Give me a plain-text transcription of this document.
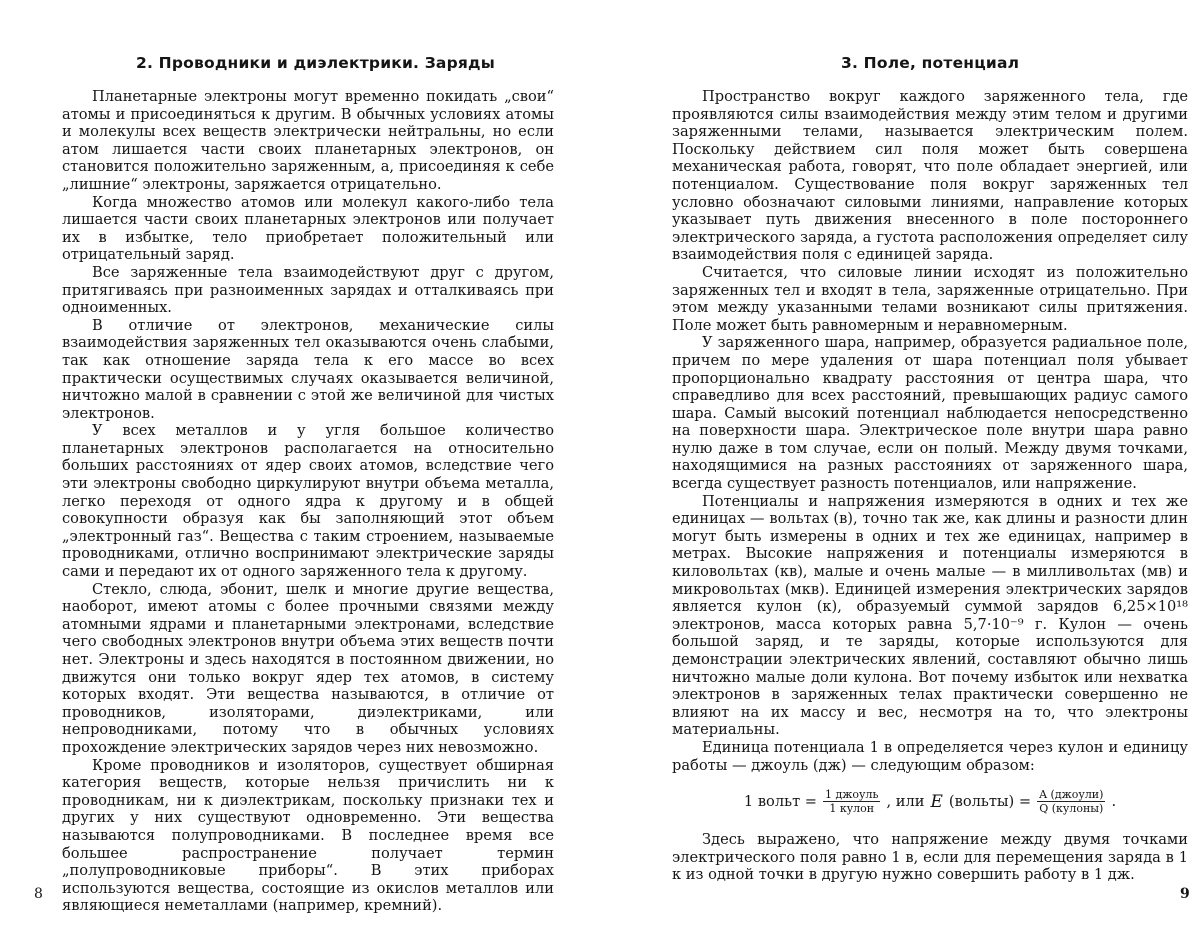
2. Проводники и диэлектрики. Заряды

Планетарные электроны могут временно покидать „свои“ атомы и присоединяться к другим. В обычных условиях атомы и молекулы всех веществ электрически нейтральны, но если атом лишается части своих планетарных электронов, он становится положительно заряженным, а, присоединяя к себе „лишние“ электроны, заряжается отрицательно.

Когда множество атомов или молекул какого-либо тела лишается части своих планетарных электронов или получает их в избытке, тело приобретает положительный или отрицательный заряд.

Все заряженные тела взаимодействуют друг с другом, притягиваясь при разноименных зарядах и отталкиваясь при одноименных.

В отличие от электронов, механические силы взаимодействия заряженных тел оказываются очень слабыми, так как отношение заряда тела к его массе во всех практически осуществимых случаях оказывается величиной, ничтожно малой в сравнении с этой же величиной для чистых электронов.

У всех металлов и у угля большое количество планетарных электронов располагается на относительно больших расстояниях от ядер своих атомов, вследствие чего эти электроны свободно циркулируют внутри объема металла, легко переходя от одного ядра к другому и в общей совокупности образуя как бы заполняющий этот объем „электронный газ“. Вещества с таким строением, называемые проводниками, отлично воспринимают электрические заряды сами и передают их от одного заряженного тела к другому.

Стекло, слюда, эбонит, шелк и многие другие вещества, наоборот, имеют атомы с более прочными связями между атомными ядрами и планетарными электронами, вследствие чего свободных электронов внутри объема этих веществ почти нет. Электроны и здесь находятся в постоянном движении, но движутся они только вокруг ядер тех атомов, в систему которых входят. Эти вещества называются, в отличие от проводников, изоляторами, диэлектриками, или непроводниками, потому что в обычных условиях прохождение электрических зарядов через них невозможно.

Кроме проводников и изоляторов, существует обширная категория веществ, которые нельзя причислить ни к проводникам, ни к диэлектрикам, поскольку признаки тех и других у них существуют одновременно. Эти вещества называются полупроводниками. В последнее время все большее распространение получает термин „полупроводниковые приборы“. В этих приборах используются вещества, состоящие из окислов металлов или являющиеся неметаллами (например, кремний).

8
3. Поле, потенциал

Пространство вокруг каждого заряженного тела, где проявляются силы взаимодействия между этим телом и другими заряженными телами, называется электрическим полем. Поскольку действием сил поля может быть совершена механическая работа, говорят, что поле обладает энергией, или потенциалом. Существование поля вокруг заряженных тел условно обозначают силовыми линиями, направление которых указывает путь движения внесенного в поле постороннего электрического заряда, а густота расположения определяет силу взаимодействия поля с единицей заряда.

Считается, что силовые линии исходят из положительно заряженных тел и входят в тела, заряженные отрицательно. При этом между указанными телами возникают силы притяжения. Поле может быть равномерным и неравномерным.

У заряженного шара, например, образуется радиальное поле, причем по мере удаления от шара потенциал поля убывает пропорционально квадрату расстояния от центра шара, что справедливо для всех расстояний, превышающих радиус самого шара. Самый высокий потенциал наблюдается непосредственно на поверхности шара. Электрическое поле внутри шара равно нулю даже в том случае, если он полый. Между двумя точками, находящимися на разных расстояниях от заряженного шара, всегда существует разность потенциалов, или напряжение.

Потенциалы и напряжения измеряются в одних и тех же единицах — вольтах (в), точно так же, как длины и разности длин могут быть измерены в одних и тех же единицах, например в метрах. Высокие напряжения и потенциалы измеряются в киловольтах (кв), малые и очень малые — в милливольтах (мв) и микровольтах (мкв). Единицей измерения электрических зарядов является кулон (к), образуемый суммой зарядов 6,25×10¹⁸ электронов, масса которых равна 5,7·10⁻⁹ г. Кулон — очень большой заряд, и те заряды, которые используются для демонстрации электрических явлений, составляют обычно лишь ничтожно малые доли кулона. Вот почему избыток или нехватка электронов в заряженных телах практически совершенно не влияют на их массу и вес, несмотря на то, что электроны материальны.

Единица потенциала 1 в определяется через кулон и единицу работы — джоуль (дж) — следующим образом:

1 вольт = $\frac{\text{1 джоуль}}{\text{1 кулон}}$ , или E (вольты) = $\frac{\text{A (джоули)}}{\text{Q (кулоны)}}$ .

Здесь выражено, что напряжение между двумя точками электрического поля равно 1 в, если для перемещения заряда в 1 к из одной точки в другую нужно совершить работу в 1 дж.

9
